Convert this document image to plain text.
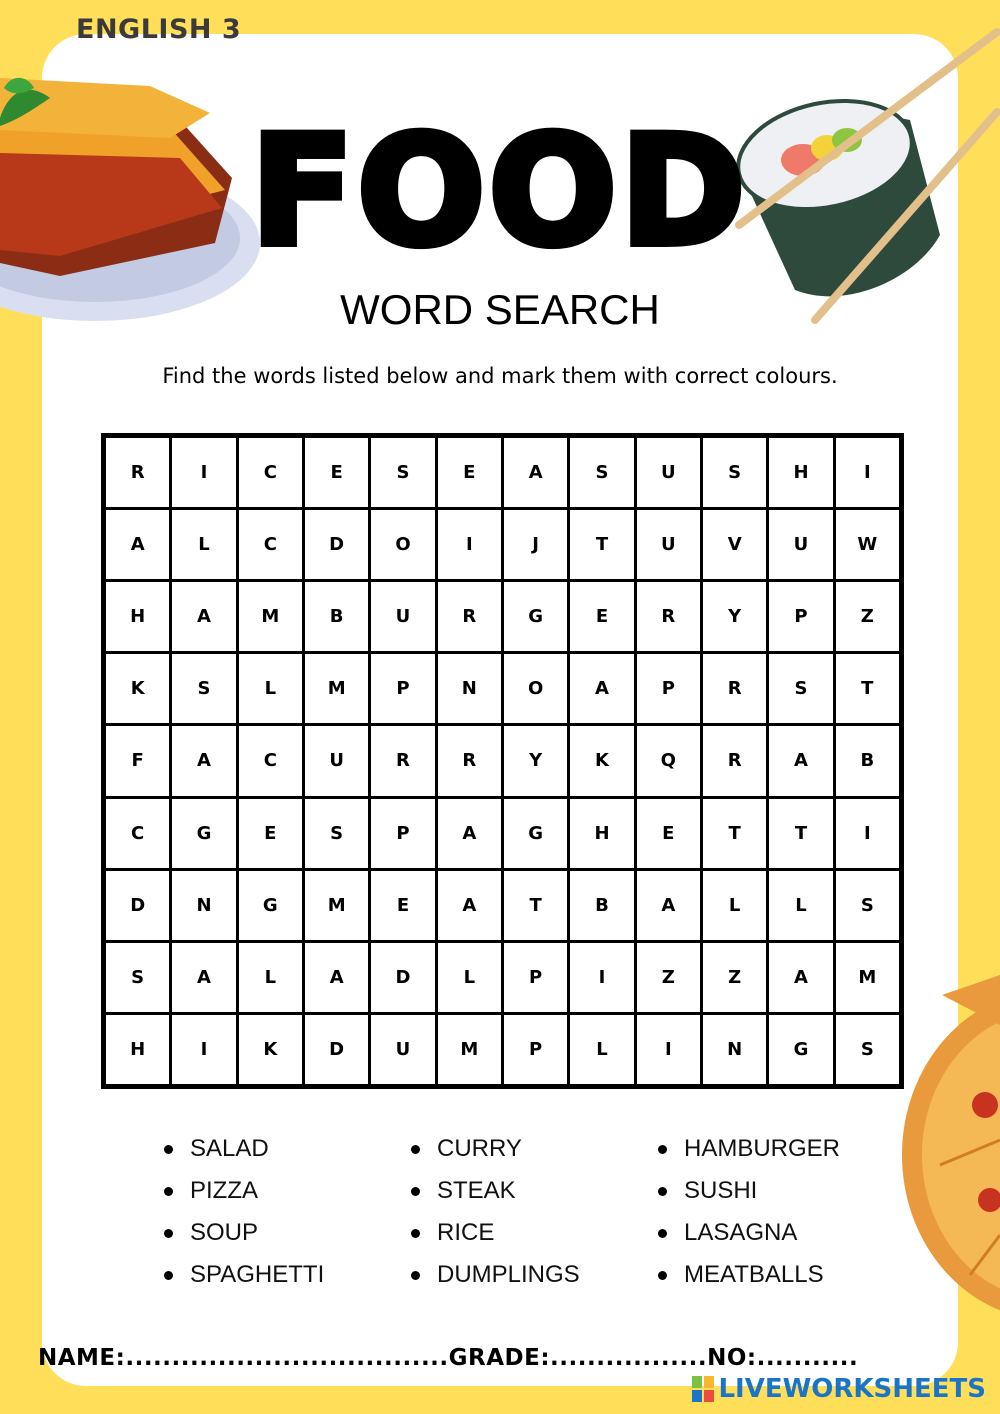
ENGLISH 3
FOOD
WORD SEARCH
Find the words listed below and mark them with correct colours.
R	I	C	E	S	E	A	S	U	S	H	I
A	L	C	D	O	I	J	T	U	V	U	W
H	A	M	B	U	R	G	E	R	Y	P	Z
K	S	L	M	P	N	O	A	P	R	S	T
F	A	C	U	R	R	Y	K	Q	R	A	B
C	G	E	S	P	A	G	H	E	T	T	I
D	N	G	M	E	A	T	B	A	L	L	S
S	A	L	A	D	L	P	I	Z	Z	A	M
H	I	K	D	U	M	P	L	I	N	G	S
SALAD
PIZZA
SOUP
SPAGHETTI
CURRY
STEAK
RICE
DUMPLINGS
HAMBURGER
SUSHI
LASAGNA
MEATBALLS
NAME:...................................GRADE:.................NO:...........
LIVEWORKSHEETS
